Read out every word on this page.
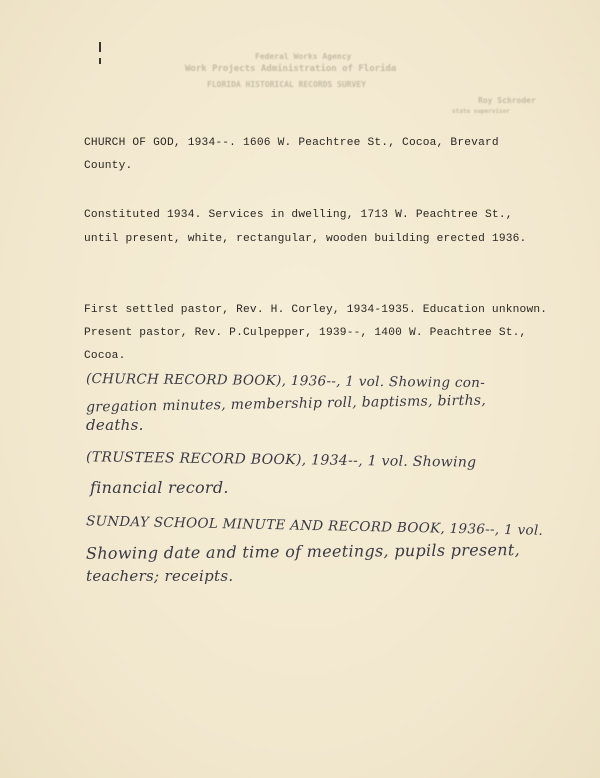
Federal Works Agency
Work Projects Administration of Florida
FLORIDA HISTORICAL RECORDS SURVEY
Roy Schroder
state supervisor
CHURCH OF GOD, 1934--. 1606 W. Peachtree St., Cocoa, Brevard
County.
Constituted 1934. Services in dwelling, 1713 W. Peachtree St.,
until present, white, rectangular, wooden building erected 1936.
First settled pastor, Rev. H. Corley, 1934-1935. Education unknown.
Present pastor, Rev. P.Culpepper, 1939--, 1400 W. Peachtree St.,
Cocoa.
(CHURCH RECORD BOOK), 1936--, 1 vol. Showing con-
gregation minutes, membership roll, baptisms, births,
deaths.
(TRUSTEES RECORD BOOK), 1934--, 1 vol. Showing
financial record.
SUNDAY SCHOOL MINUTE AND RECORD BOOK, 1936--, 1 vol.
Showing date and time of meetings, pupils present,
teachers; receipts.
